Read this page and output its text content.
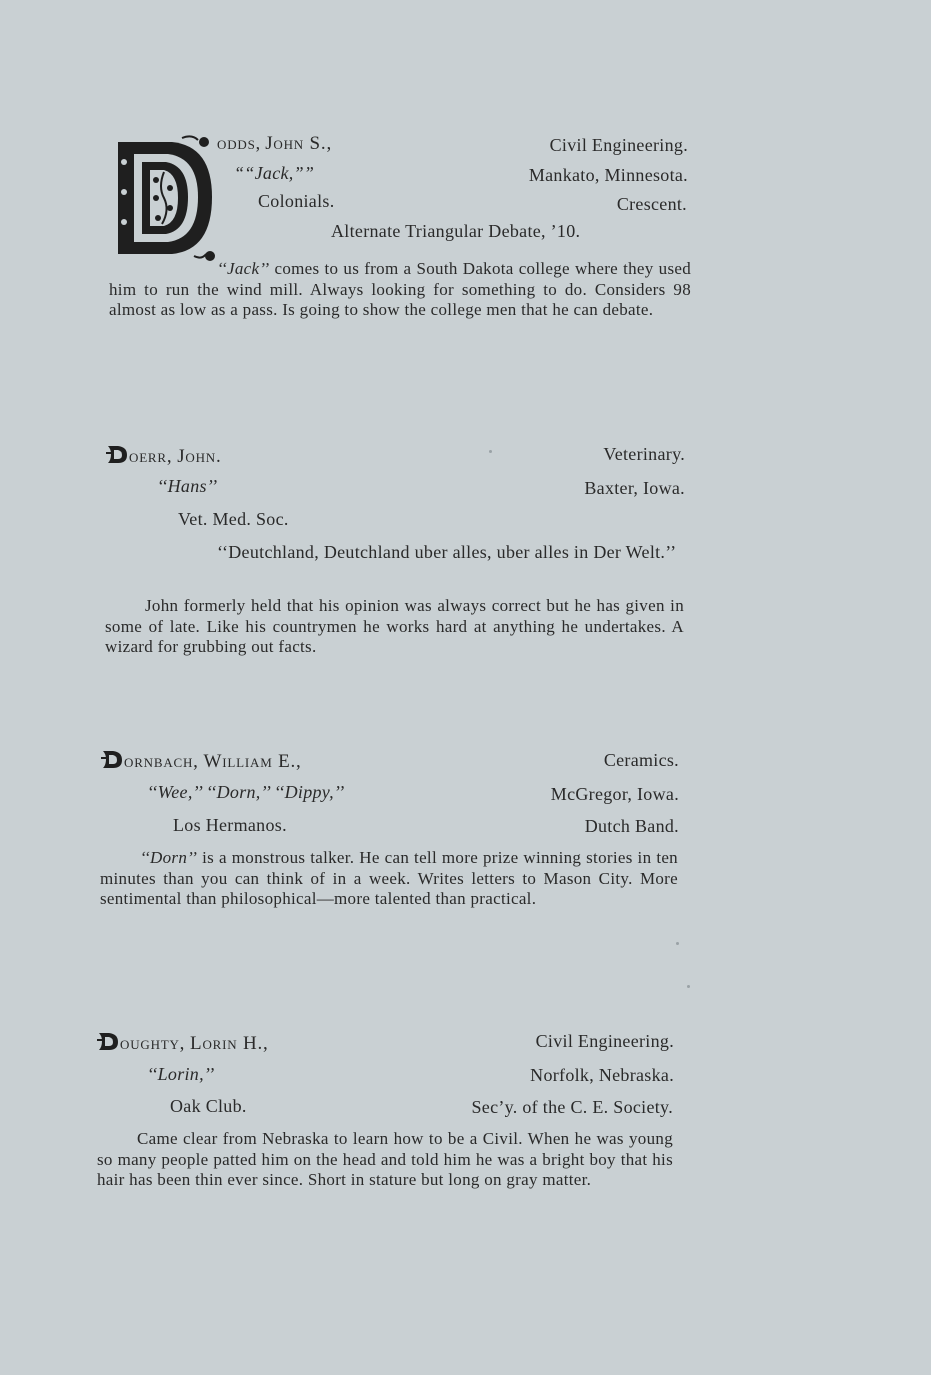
odds, John S.,	Civil Engineering.
““Jack,””	Mankato, Minnesota.
Colonials.	Crescent.
Alternate Triangular Debate, ’10.
‘‘Jack’’ comes to us from a South Dakota college where they used him to run the wind mill. Always looking for something to do. Considers 98 almost as low as a pass. Is going to show the college men that he can debate.
oerr, John.	Veterinary.
‘‘Hans’’	Baxter, Iowa.
Vet. Med. Soc.
‘‘Deutchland, Deutchland uber alles, uber alles in Der Welt.’’
John formerly held that his opinion was always correct but he has given in some of late. Like his countrymen he works hard at anything he undertakes. A wizard for grubbing out facts.
ornbach, William E.,	Ceramics.
‘‘Wee,’’ ‘‘Dorn,’’ ‘‘Dippy,’’	McGregor, Iowa.
Los Hermanos.	Dutch Band.
‘‘Dorn’’ is a monstrous talker. He can tell more prize winning stories in ten minutes than you can think of in a week. Writes letters to Mason City. More sentimental than philosophical—more talented than practical.
oughty, Lorin H.,	Civil Engineering.
‘‘Lorin,’’	Norfolk, Nebraska.
Oak Club.	Sec’y. of the C. E. Society.
Came clear from Nebraska to learn how to be a Civil. When he was young so many people patted him on the head and told him he was a bright boy that his hair has been thin ever since. Short in stature but long on gray matter.
